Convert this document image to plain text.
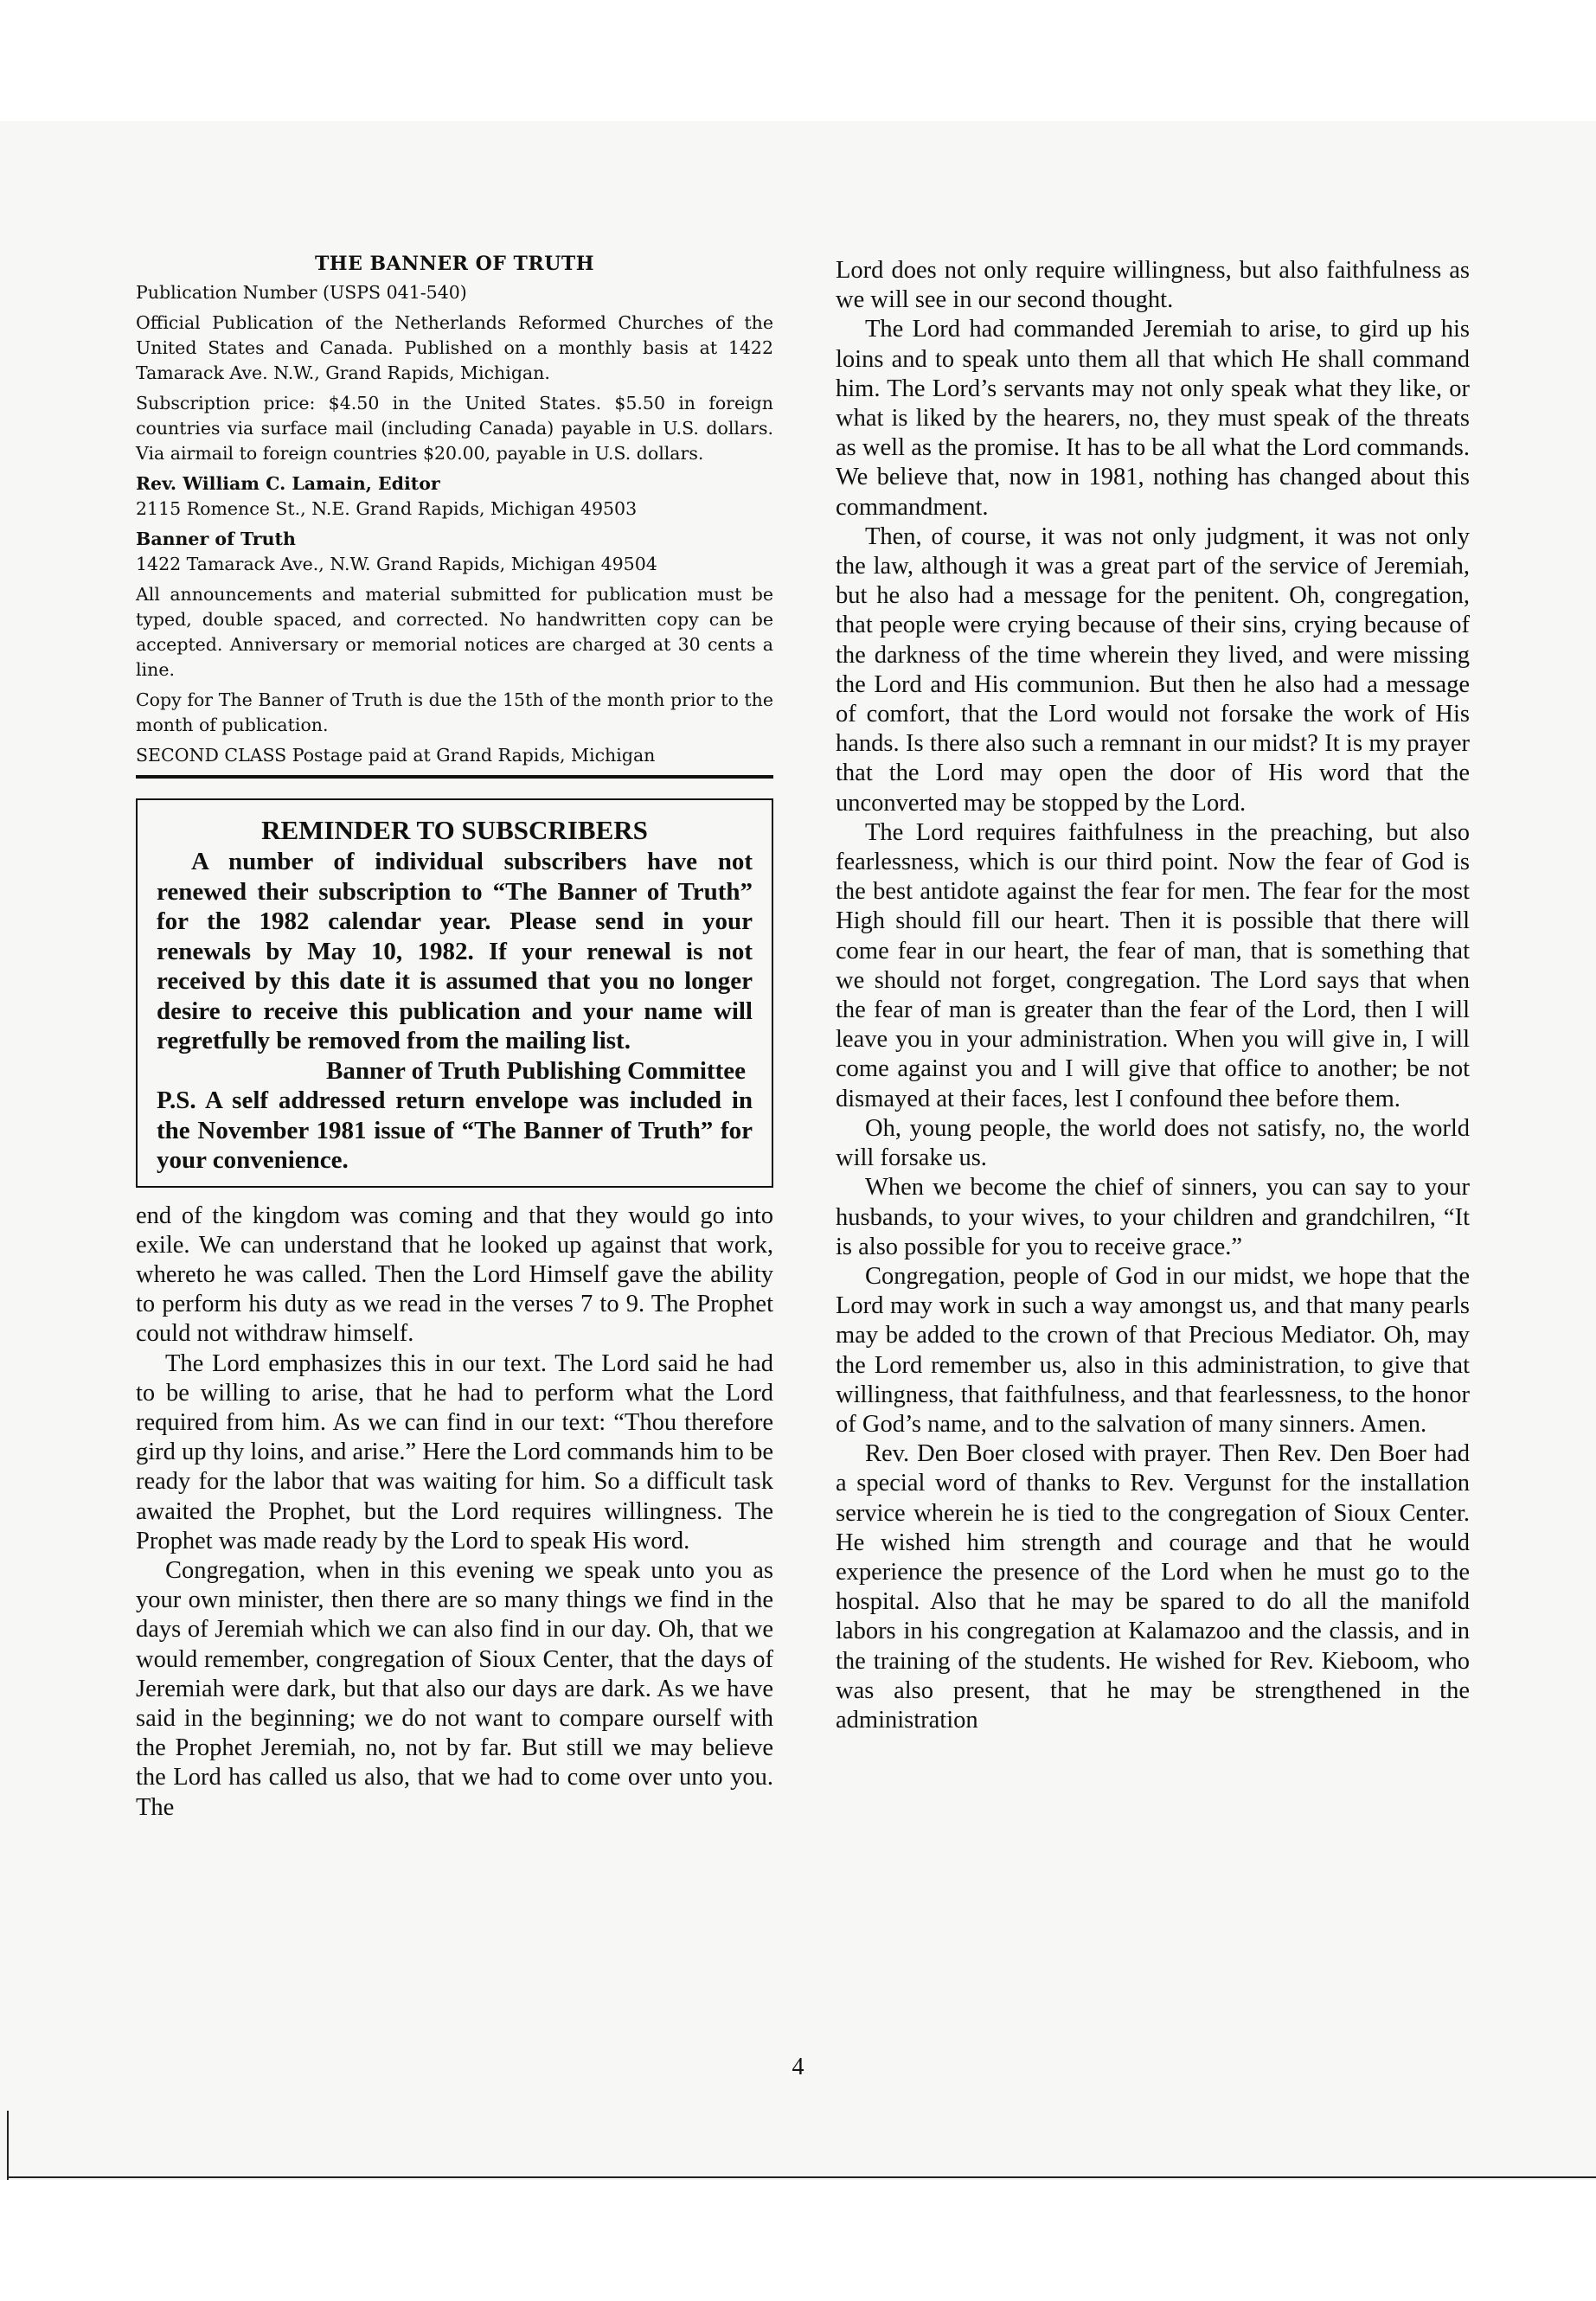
THE BANNER OF TRUTH

Publication Number (USPS 041-540)

Official Publication of the Netherlands Reformed Churches of the United States and Canada. Published on a monthly basis at 1422 Tamarack Ave. N.W., Grand Rapids, Michigan.

Subscription price: $4.50 in the United States. $5.50 in foreign countries via surface mail (including Canada) payable in U.S. dollars. Via airmail to foreign countries $20.00, payable in U.S. dollars.

Rev. William C. Lamain, Editor

2115 Romence St., N.E. Grand Rapids, Michigan 49503

Banner of Truth

1422 Tamarack Ave., N.W. Grand Rapids, Michigan 49504

All announcements and material submitted for publication must be typed, double spaced, and corrected. No handwritten copy can be accepted. Anniversary or memorial notices are charged at 30 cents a line.

Copy for The Banner of Truth is due the 15th of the month prior to the month of publication.

SECOND CLASS Postage paid at Grand Rapids, Michigan

REMINDER TO SUBSCRIBERS

A number of individual subscribers have not renewed their subscription to “The Banner of Truth” for the 1982 calendar year. Please send in your renewals by May 10, 1982. If your renewal is not received by this date it is assumed that you no longer desire to receive this publication and your name will regretfully be removed from the mailing list.

Banner of Truth Publishing Committee

P.S. A self addressed return envelope was included in the November 1981 issue of “The Banner of Truth” for your convenience.

end of the kingdom was coming and that they would go into exile. We can understand that he looked up against that work, whereto he was called. Then the Lord Himself gave the ability to perform his duty as we read in the verses 7 to 9. The Prophet could not withdraw himself.

The Lord emphasizes this in our text. The Lord said he had to be willing to arise, that he had to perform what the Lord required from him. As we can find in our text: “Thou therefore gird up thy loins, and arise.” Here the Lord commands him to be ready for the labor that was waiting for him. So a difficult task awaited the Prophet, but the Lord requires willingness. The Prophet was made ready by the Lord to speak His word.

Congregation, when in this evening we speak unto you as your own minister, then there are so many things we find in the days of Jeremiah which we can also find in our day. Oh, that we would remember, congregation of Sioux Center, that the days of Jeremiah were dark, but that also our days are dark. As we have said in the beginning; we do not want to compare ourself with the Prophet Jeremiah, no, not by far. But still we may believe the Lord has called us also, that we had to come over unto you. The

Lord does not only require willingness, but also faithfulness as we will see in our second thought.

The Lord had commanded Jeremiah to arise, to gird up his loins and to speak unto them all that which He shall command him. The Lord’s servants may not only speak what they like, or what is liked by the hearers, no, they must speak of the threats as well as the promise. It has to be all what the Lord commands. We believe that, now in 1981, nothing has changed about this commandment.

Then, of course, it was not only judgment, it was not only the law, although it was a great part of the service of Jeremiah, but he also had a message for the penitent. Oh, congregation, that people were crying because of their sins, crying because of the darkness of the time wherein they lived, and were missing the Lord and His communion. But then he also had a message of comfort, that the Lord would not forsake the work of His hands. Is there also such a remnant in our midst? It is my prayer that the Lord may open the door of His word that the unconverted may be stopped by the Lord.

The Lord requires faithfulness in the preaching, but also fearlessness, which is our third point. Now the fear of God is the best antidote against the fear for men. The fear for the most High should fill our heart. Then it is possible that there will come fear in our heart, the fear of man, that is something that we should not forget, congregation. The Lord says that when the fear of man is greater than the fear of the Lord, then I will leave you in your administration. When you will give in, I will come against you and I will give that office to another; be not dismayed at their faces, lest I confound thee before them.

Oh, young people, the world does not satisfy, no, the world will forsake us.

When we become the chief of sinners, you can say to your husbands, to your wives, to your children and grandchilren, “It is also possible for you to receive grace.”

Congregation, people of God in our midst, we hope that the Lord may work in such a way amongst us, and that many pearls may be added to the crown of that Precious Mediator. Oh, may the Lord remember us, also in this administration, to give that willingness, that faithfulness, and that fearlessness, to the honor of God’s name, and to the salvation of many sinners. Amen.

Rev. Den Boer closed with prayer. Then Rev. Den Boer had a special word of thanks to Rev. Vergunst for the installation service wherein he is tied to the congregation of Sioux Center. He wished him strength and courage and that he would experience the presence of the Lord when he must go to the hospital. Also that he may be spared to do all the manifold labors in his congregation at Kalamazoo and the classis, and in the training of the students. He wished for Rev. Kieboom, who was also present, that he may be strengthened in the administration

4
